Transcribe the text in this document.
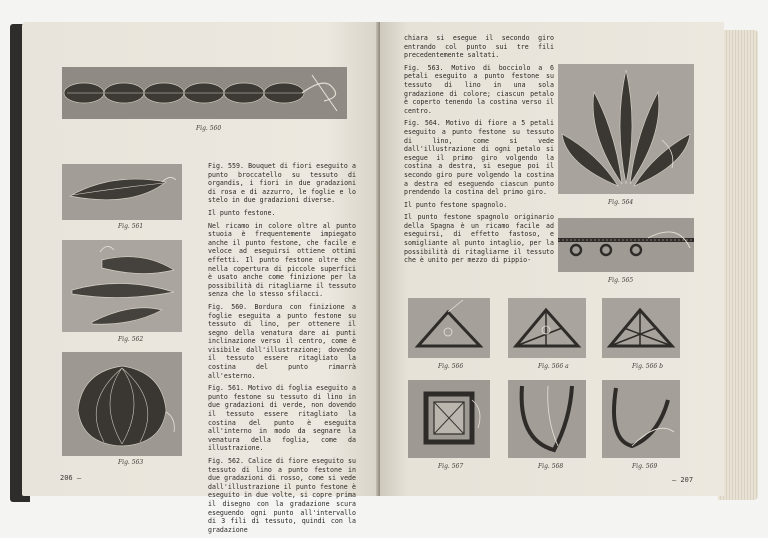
Fig. 560
Fig. 561
Fig. 562
Fig. 563

Fig. 559. Bouquet di fiori eseguito a punto broccatello su tessuto di organdis, i fiori in due gradazioni di rosa e di azzurro, le foglie e lo stelo in due gradazioni diverse.

Il punto festone.

Nel ricamo in colore oltre al punto stuoia è frequentemente impiegato anche il punto festone, che facile e veloce ad eseguirsi ottiene ottimi effetti. Il punto festone oltre che nella copertura di piccole superfici è usato anche come finizione per la possibilità di ritagliarne il tessuto senza che lo stesso sfilacci.

Fig. 560. Bordura con finizione a foglie eseguita a punto festone su tessuto di lino, per ottenere il segno della venatura dare ai punti inclinazione verso il centro, come è visibile dall'illustrazione; dovendo il tessuto essere ritagliato la costina del punto rimarrà all'esterno.

Fig. 561. Motivo di foglia eseguito a punto festone su tessuto di lino in due gradazioni di verde, non dovendo il tessuto essere ritagliato la costina del punto è eseguita all'interno in modo da segnare la venatura della foglia, come da illustrazione.

Fig. 562. Calice di fiore eseguito su tessuto di lino a punto festone in due gradazioni di rosso, come si vede dall'illustrazione il punto festone è eseguito in due volte, si copre prima il disegno con la gradazione scura eseguendo ogni punto all'intervallo di 3 fili di tessuto, quindi con la gradazione

206 —

chiara si esegue il secondo giro entrando col punto sui tre fili precedentemente saltati.

Fig. 563. Motivo di bocciolo a 6 petali eseguito a punto festone su tessuto di lino in una sola gradazione di colore; ciascun petalo è coperto tenendo la costina verso il centro.

Fig. 564. Motivo di fiore a 5 petali eseguito a punto festone su tessuto di lino, come si vede dall'illustrazione di ogni petalo si esegue il primo giro volgendo la costina a destra, si esegue poi il secondo giro pure volgendo la costina a destra ed eseguendo ciascun punto prendendo la costina del primo giro.

Il punto festone spagnolo.

Il punto festone spagnolo originario della Spagna è un ricamo facile ad eseguirsi, di effetto fastoso, e somigliante al punto intaglio, per la possibilità di ritagliarne il tessuto che è unito per mezzo di pippio-

Fig. 564
Fig. 565
Fig. 566	Fig. 566 a	Fig. 566 b
Fig. 567	Fig. 568	Fig. 569
— 207
